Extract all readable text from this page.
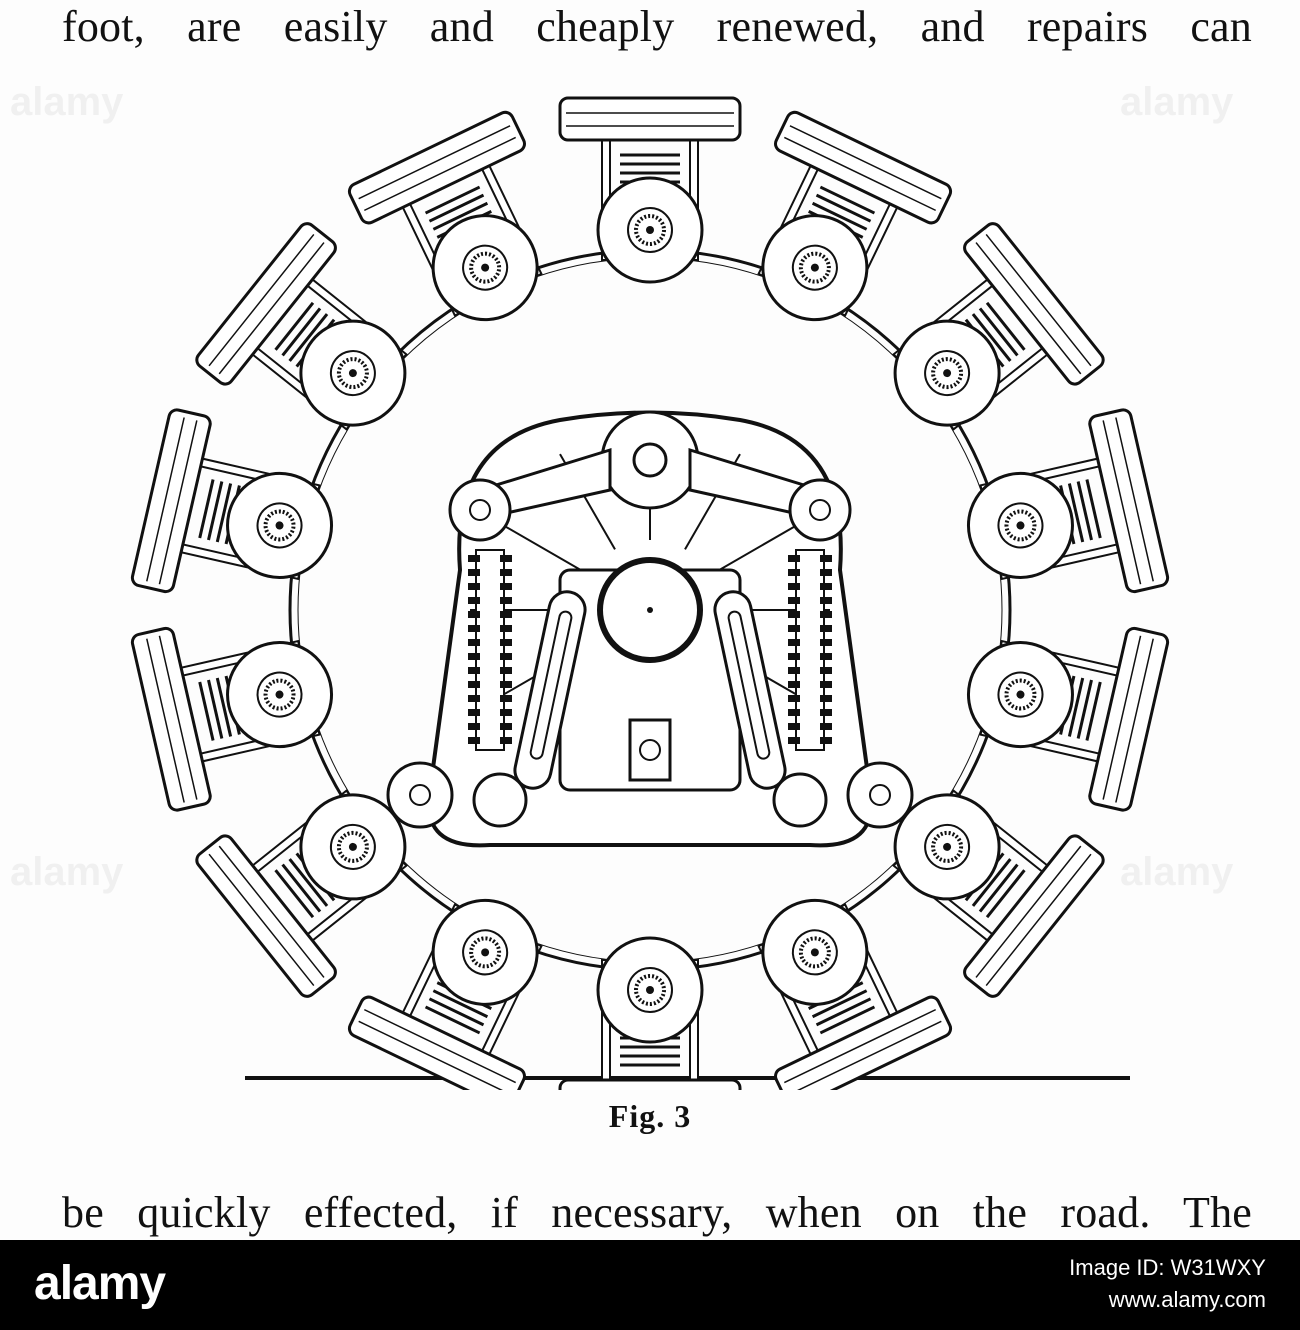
foot, are easily and cheaply renewed, and repairs can

Fig. 3

be quickly effected, if necessary, when on the road. The

alamy	alamy
alamy	alamy
alamy	Image ID: W31WXY
www.alamy.com
